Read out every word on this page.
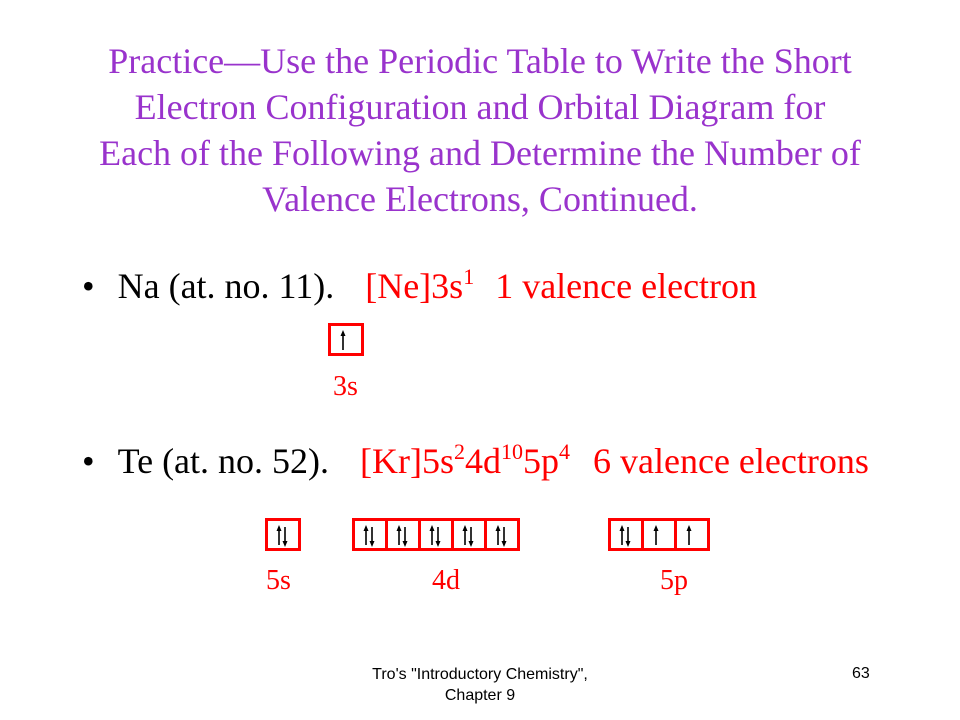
Practice—Use the Periodic Table to Write the Short
Electron Configuration and Orbital Diagram for
Each of the Following and Determine the Number of
Valence Electrons, Continued.
• Na (at. no. 11). $[Ne]3s^1$ 1 valence electron
3s
• Te (at. no. 52). $[Kr]5s^24d^{10}5p^4$ 6 valence electrons
5s	4d	5p
Tro's "Introductory Chemistry",
Chapter 9
63
